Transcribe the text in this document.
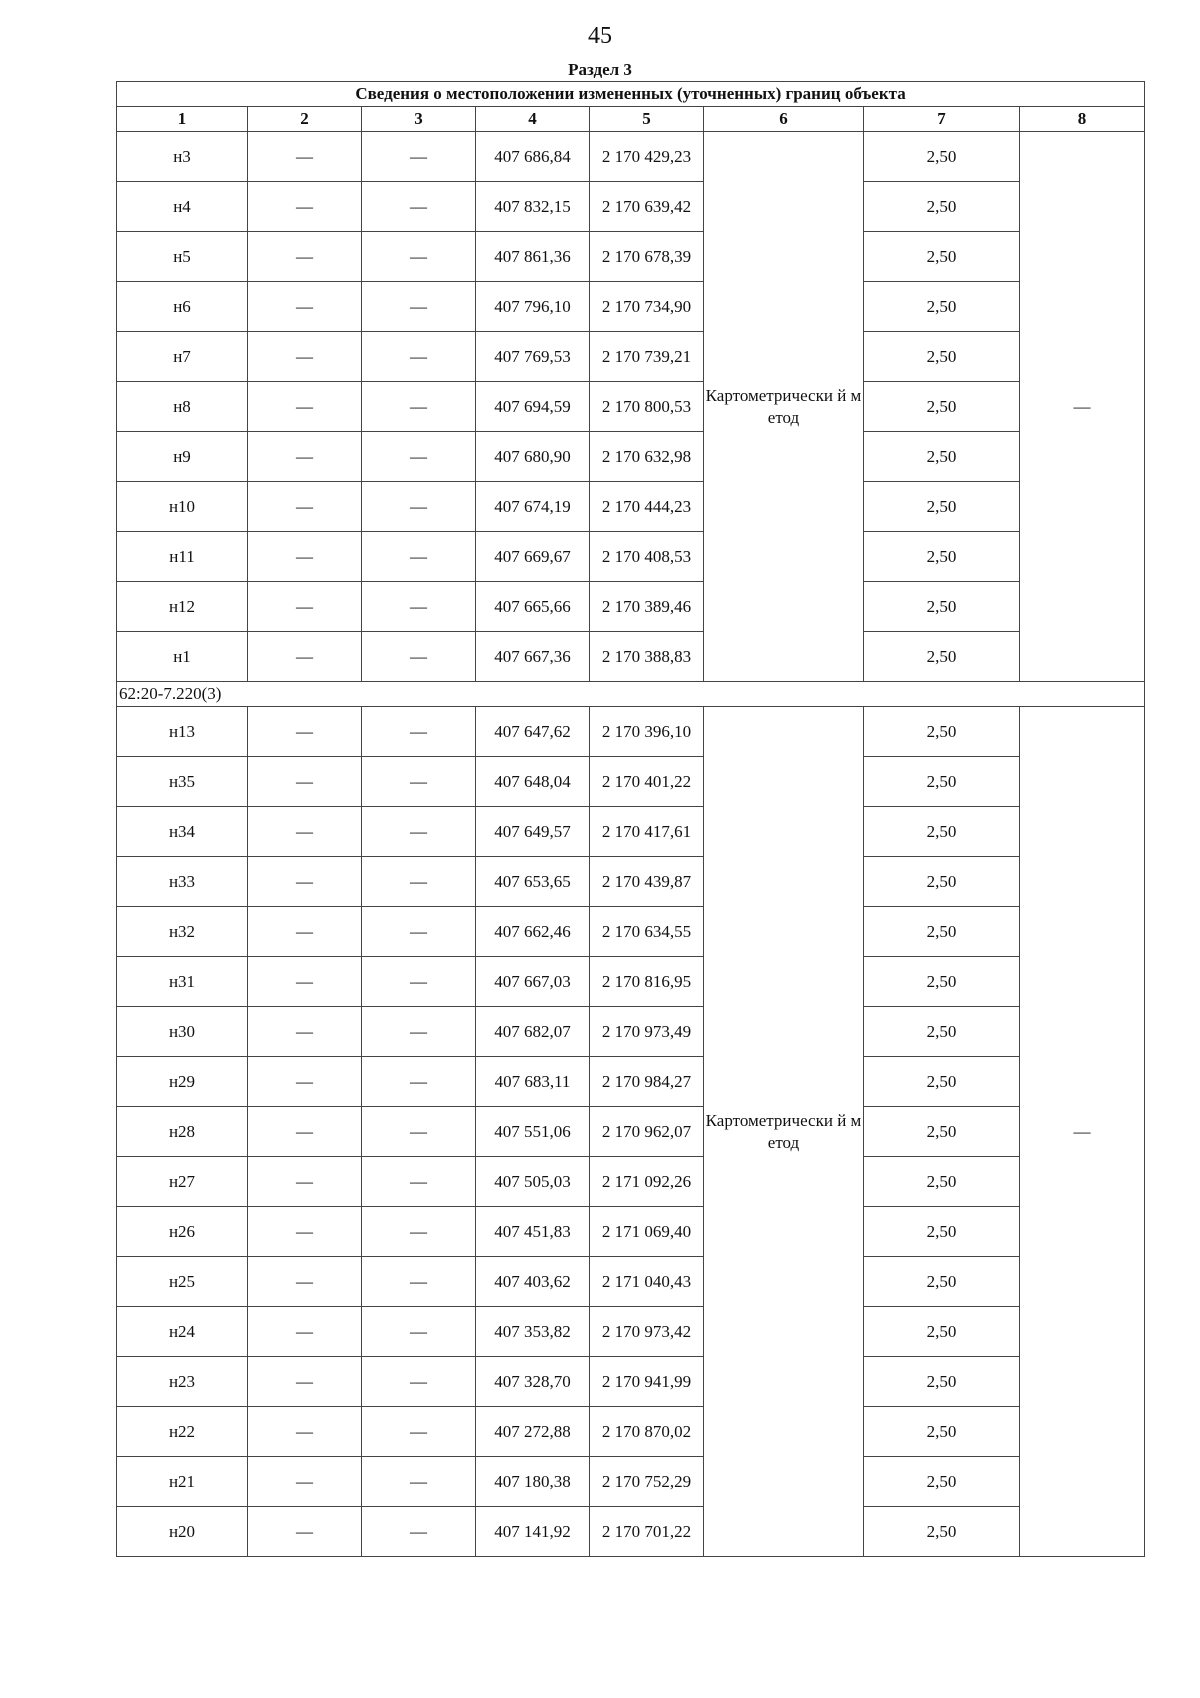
45
Раздел 3
Сведения о местоположении измененных (уточненных) границ объекта							
1	2	3	4	5	6	7	8
н3	—	—	407 686,84	2 170 429,23	Картометрически й метод	2,50	—
н4	—	—	407 832,15	2 170 639,42		2,50	
н5	—	—	407 861,36	2 170 678,39		2,50	
н6	—	—	407 796,10	2 170 734,90		2,50	
н7	—	—	407 769,53	2 170 739,21		2,50	
н8	—	—	407 694,59	2 170 800,53		2,50	
н9	—	—	407 680,90	2 170 632,98		2,50	
н10	—	—	407 674,19	2 170 444,23		2,50	
н11	—	—	407 669,67	2 170 408,53		2,50	
н12	—	—	407 665,66	2 170 389,46		2,50	
н1	—	—	407 667,36	2 170 388,83		2,50	
62:20-7.220(3)							
н13	—	—	407 647,62	2 170 396,10	Картометрически й метод	2,50	—
н35	—	—	407 648,04	2 170 401,22		2,50	
н34	—	—	407 649,57	2 170 417,61		2,50	
н33	—	—	407 653,65	2 170 439,87		2,50	
н32	—	—	407 662,46	2 170 634,55		2,50	
н31	—	—	407 667,03	2 170 816,95		2,50	
н30	—	—	407 682,07	2 170 973,49		2,50	
н29	—	—	407 683,11	2 170 984,27		2,50	
н28	—	—	407 551,06	2 170 962,07		2,50	
н27	—	—	407 505,03	2 171 092,26		2,50	
н26	—	—	407 451,83	2 171 069,40		2,50	
н25	—	—	407 403,62	2 171 040,43		2,50	
н24	—	—	407 353,82	2 170 973,42		2,50	
н23	—	—	407 328,70	2 170 941,99		2,50	
н22	—	—	407 272,88	2 170 870,02		2,50	
н21	—	—	407 180,38	2 170 752,29		2,50	
н20	—	—	407 141,92	2 170 701,22		2,50	
